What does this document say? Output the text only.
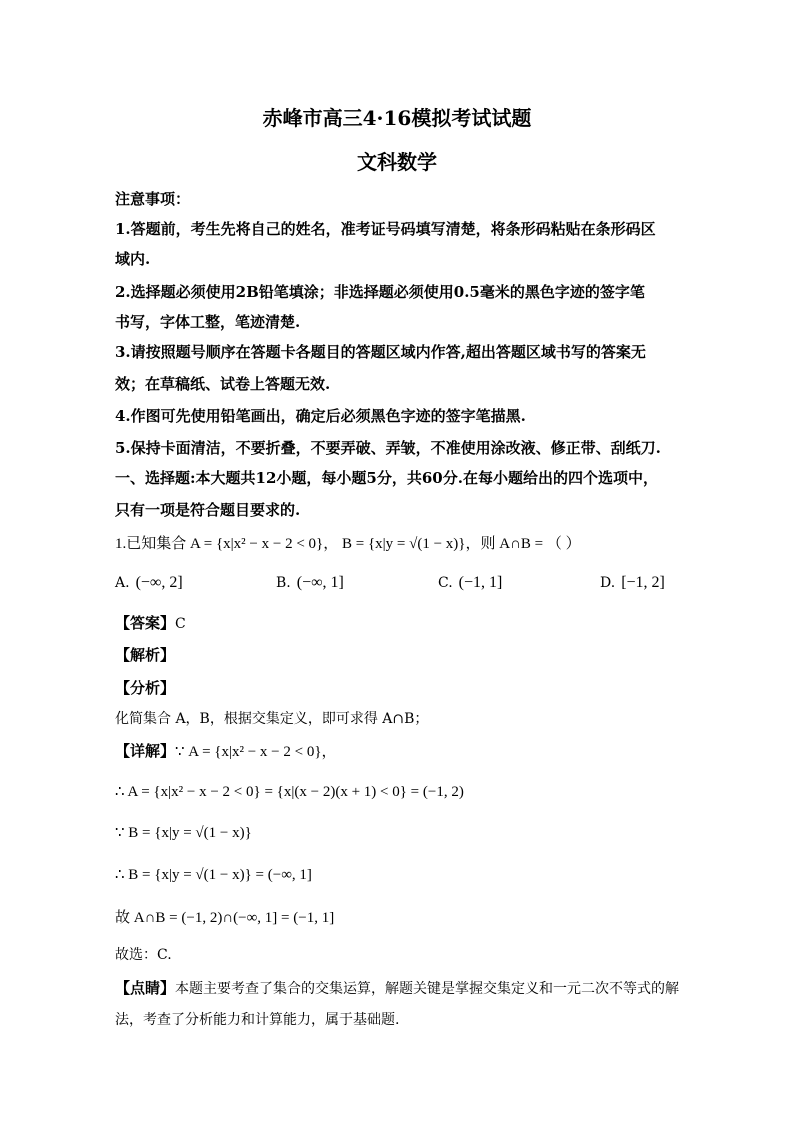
赤峰市高三4·16模拟考试试题
文科数学
注意事项：
1.答题前，考生先将自己的姓名，准考证号码填写清楚，将条形码粘贴在条形码区
域内.
2.选择题必须使用2B铅笔填涂；非选择题必须使用0.5毫米的黑色字迹的签字笔
书写，字体工整，笔迹清楚.
3.请按照题号顺序在答题卡各题目的答题区域内作答,超出答题区域书写的答案无
效；在草稿纸、试卷上答题无效.
4.作图可先使用铅笔画出，确定后必须黑色字迹的签字笔描黑.
5.保持卡面清洁，不要折叠，不要弄破、弄皱，不准使用涂改液、修正带、刮纸刀.
一、选择题:本大题共12小题，每小题5分，共60分.在每小题给出的四个选项中，
只有一项是符合题目要求的.
1.已知集合 A = {x|x² − x − 2 < 0}， B = {x|y = √(1 − x)}，则 A∩B = （ ）
A. (−∞, 2]	B. (−∞, 1]	C. (−1, 1]	D. [−1, 2]
【答案】C
【解析】
【分析】
化简集合 A，B，根据交集定义，即可求得 A∩B；
【详解】∵ A = {x|x² − x − 2 < 0}，
∴ A = {x|x² − x − 2 < 0} = {x|(x − 2)(x + 1) < 0} = (−1, 2)
∵ B = {x|y = √(1 − x)}
∴ B = {x|y = √(1 − x)} = (−∞, 1]
故 A∩B = (−1, 2)∩(−∞, 1] = (−1, 1]
故选：C.
【点睛】本题主要考查了集合的交集运算，解题关键是掌握交集定义和一元二次不等式的解
法，考查了分析能力和计算能力，属于基础题.
